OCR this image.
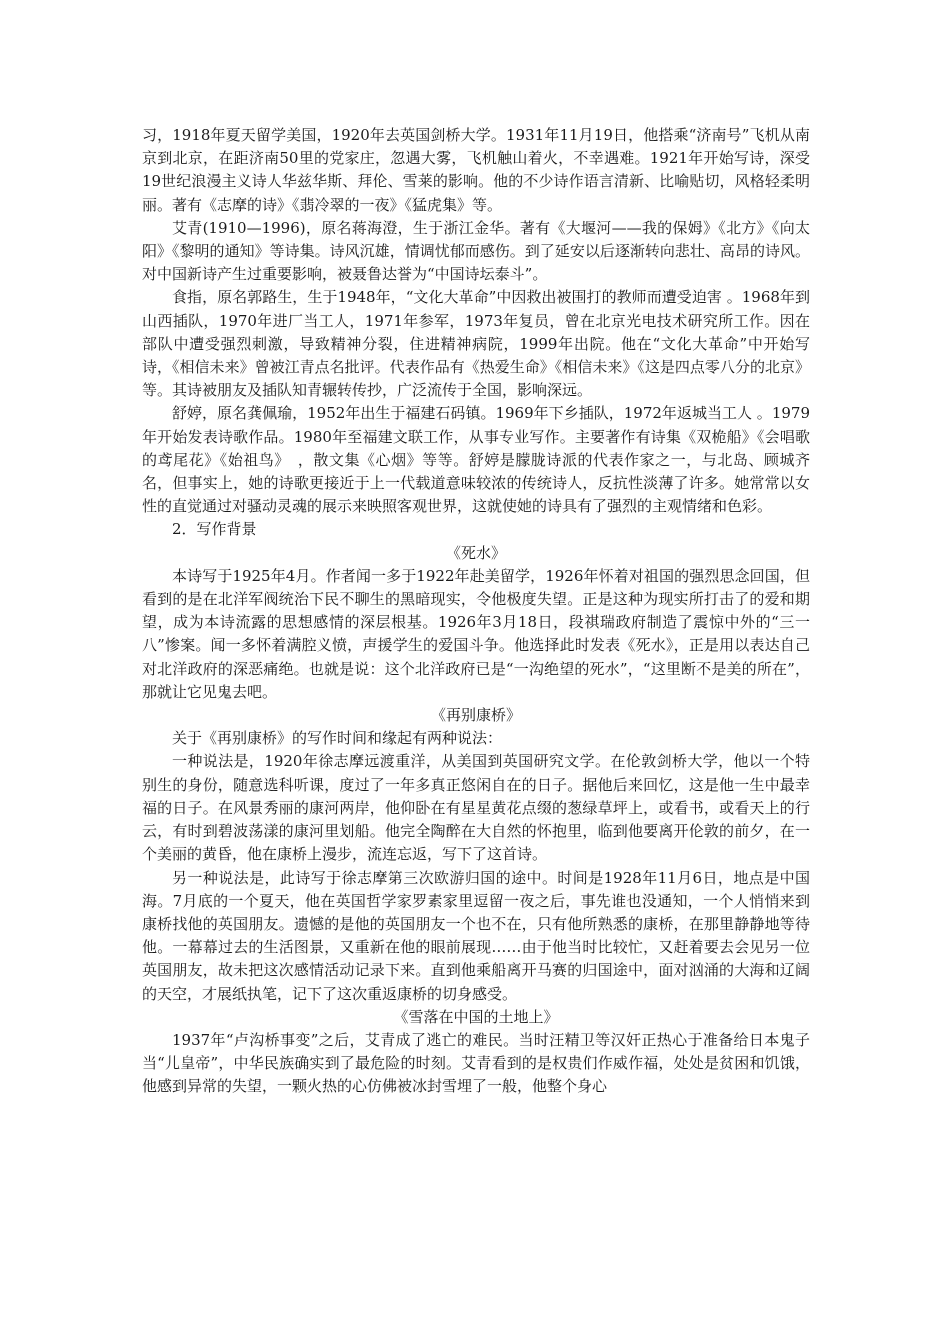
习，1918年夏天留学美国，1920年去英国剑桥大学。1931年11月19日，他搭乘“济南号”飞机从南京到北京，在距济南50里的党家庄，忽遇大雾，飞机触山着火，不幸遇难。1921年开始写诗，深受19世纪浪漫主义诗人华兹华斯、拜伦、雪莱的影响。他的不少诗作语言清新、比喻贴切，风格轻柔明丽。著有《志摩的诗》《翡冷翠的一夜》《猛虎集》等。

艾青(1910—1996)，原名蒋海澄，生于浙江金华。著有《大堰河——我的保姆》《北方》《向太阳》《黎明的通知》等诗集。诗风沉雄，情调忧郁而感伤。到了延安以后逐渐转向悲壮、高昂的诗风。对中国新诗产生过重要影响，被聂鲁达誉为“中国诗坛泰斗”。

食指，原名郭路生，生于1948年，“文化大革命”中因救出被围打的教师而遭受迫害 。1968年到山西插队，1970年进厂当工人，1971年参军，1973年复员，曾在北京光电技术研究所工作。因在部队中遭受强烈刺激，导致精神分裂，住进精神病院，1999年出院。他在“文化大革命”中开始写诗，《相信未来》曾被江青点名批评。代表作品有《热爱生命》《相信未来》《这是四点零八分的北京》等。其诗被朋友及插队知青辗转传抄，广泛流传于全国，影响深远。

舒婷，原名龚佩瑜，1952年出生于福建石码镇。1969年下乡插队，1972年返城当工人 。1979年开始发表诗歌作品。1980年至福建文联工作，从事专业写作。主要著作有诗集《双桅船》《会唱歌的鸢尾花》《始祖鸟》　，散文集《心烟》等等。舒婷是朦胧诗派的代表作家之一，与北岛、顾城齐名，但事实上，她的诗歌更接近于上一代载道意味较浓的传统诗人，反抗性淡薄了许多。她常常以女性的直觉通过对骚动灵魂的展示来映照客观世界，这就使她的诗具有了强烈的主观情绪和色彩。

2．写作背景
《死水》

本诗写于1925年4月。作者闻一多于1922年赴美留学，1926年怀着对祖国的强烈思念回国，但看到的是在北洋军阀统治下民不聊生的黑暗现实，令他极度失望。正是这种为现实所打击了的爱和期望，成为本诗流露的思想感情的深层根基。1926年3月18日，段祺瑞政府制造了震惊中外的“三一八”惨案。闻一多怀着满腔义愤，声援学生的爱国斗争。他选择此时发表《死水》，正是用以表达自己对北洋政府的深恶痛绝。也就是说：这个北洋政府已是“一沟绝望的死水”，“这里断不是美的所在”，那就让它见鬼去吧。

《再别康桥》

关于《再别康桥》的写作时间和缘起有两种说法：

一种说法是，1920年徐志摩远渡重洋，从美国到英国研究文学。在伦敦剑桥大学，他以一个特别生的身份，随意选科听课，度过了一年多真正悠闲自在的日子。据他后来回忆，这是他一生中最幸福的日子。在风景秀丽的康河两岸，他仰卧在有星星黄花点缀的葱绿草坪上，或看书，或看天上的行云，有时到碧波荡漾的康河里划船。他完全陶醉在大自然的怀抱里，临到他要离开伦敦的前夕，在一个美丽的黄昏，他在康桥上漫步，流连忘返，写下了这首诗。

另一种说法是，此诗写于徐志摩第三次欧游归国的途中。时间是1928年11月6日，地点是中国海。7月底的一个夏天，他在英国哲学家罗素家里逗留一夜之后，事先谁也没通知，一个人悄悄来到康桥找他的英国朋友。遗憾的是他的英国朋友一个也不在，只有他所熟悉的康桥，在那里静静地等待他。一幕幕过去的生活图景，又重新在他的眼前展现……由于他当时比较忙，又赶着要去会见另一位英国朋友，故未把这次感情活动记录下来。直到他乘船离开马赛的归国途中，面对汹涌的大海和辽阔的天空，才展纸执笔，记下了这次重返康桥的切身感受。

《雪落在中国的土地上》

1937年“卢沟桥事变”之后，艾青成了逃亡的难民。当时汪精卫等汉奸正热心于准备给日本鬼子当“儿皇帝”，中华民族确实到了最危险的时刻。艾青看到的是权贵们作威作福，处处是贫困和饥饿，他感到异常的失望，一颗火热的心仿佛被冰封雪埋了一般，他整个身心
